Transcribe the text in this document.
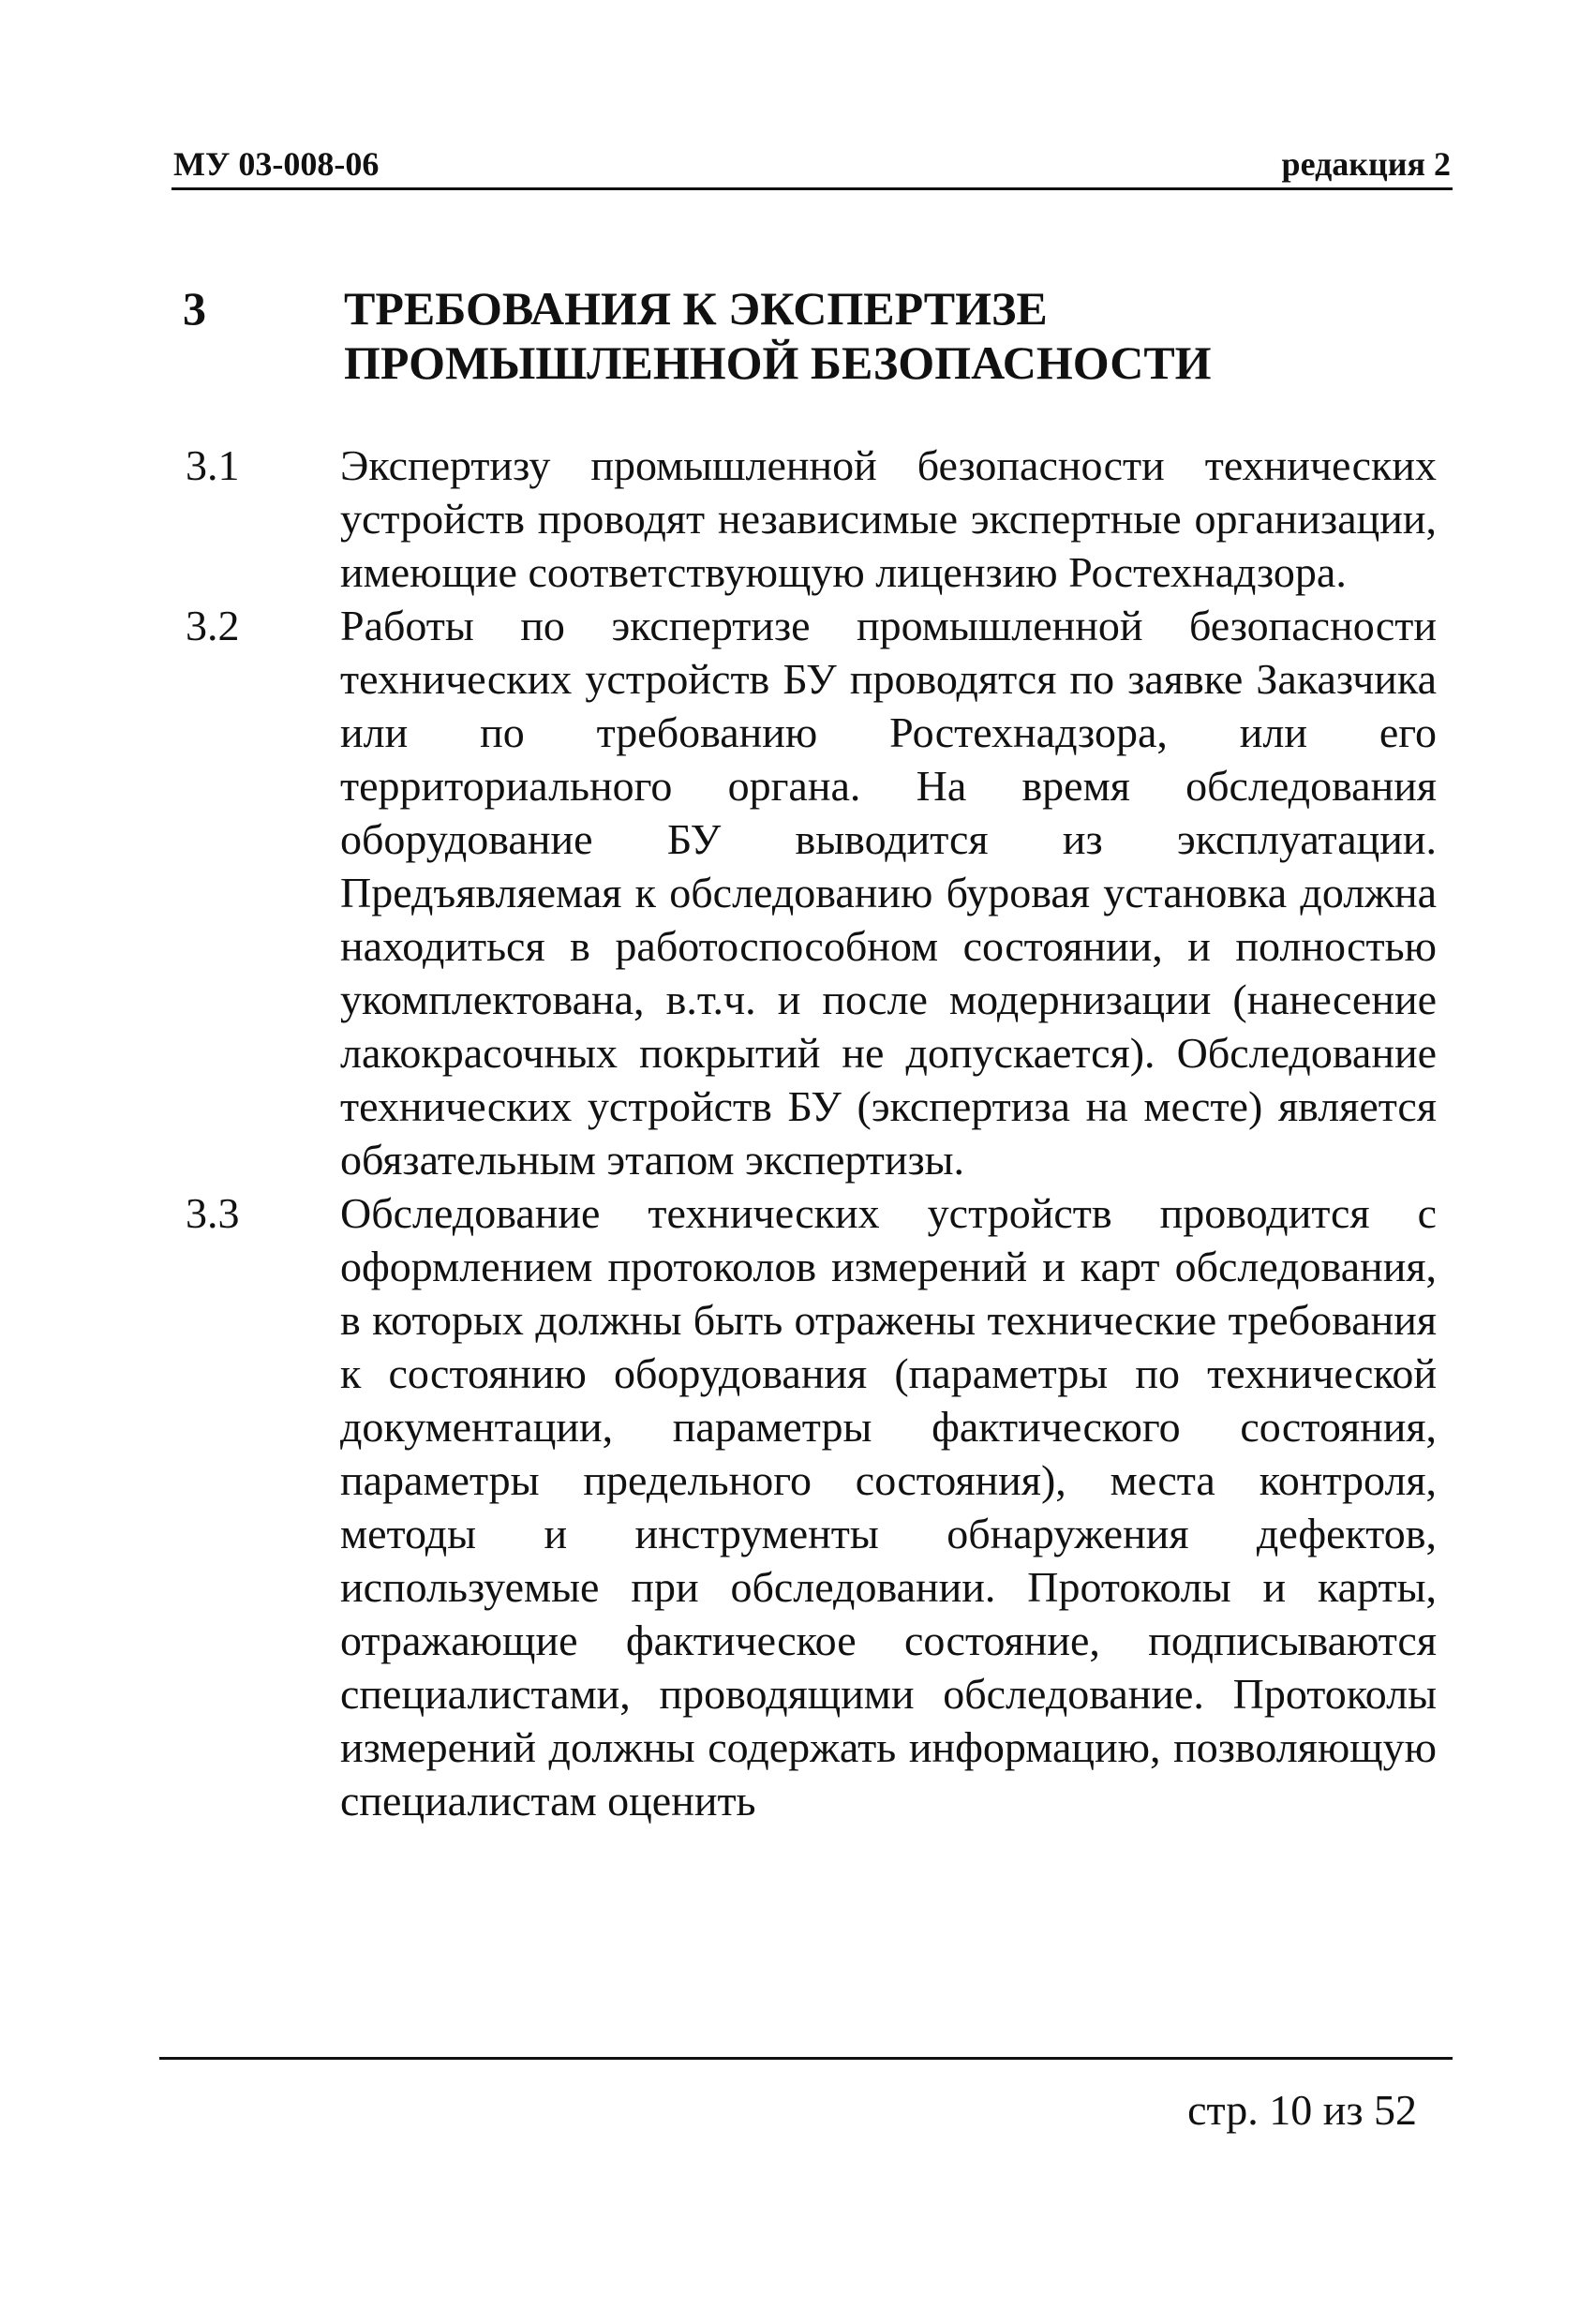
МУ 03-008-06	редакция 2
3	ТРЕБОВАНИЯ К ЭКСПЕРТИЗЕ ПРОМЫШЛЕННОЙ БЕЗОПАСНОСТИ
3.1 Экспертизу промышленной безопасности технических устройств проводят независимые экспертные организации, имеющие соответствующую лицензию Ростехнадзора.
3.2 Работы по экспертизе промышленной безопасности технических устройств БУ проводятся по заявке Заказчика или по требованию Ростехнадзора, или его территориального органа. На время обследования оборудование БУ выводится из эксплуатации. Предъявляемая к обследованию буровая установка должна находиться в работоспособном состоянии, и полностью укомплектована, в.т.ч. и после модернизации (нанесение лакокрасочных покрытий не допускается). Обследование технических устройств БУ (экспертиза на месте) является обязательным этапом экспертизы.
3.3 Обследование технических устройств проводится с оформлением протоколов измерений и карт обследования, в которых должны быть отражены технические требования к состоянию оборудования (параметры по технической документации, параметры фактического состояния, параметры предельного состояния), места контроля, методы и инструменты обнаружения дефектов, используемые при обследовании. Протоколы и карты, отражающие фактическое состояние, подписываются специалистами, проводящими обследование. Протоколы измерений должны содержать информацию, позволяющую специалистам оценить
стр. 10 из 52
